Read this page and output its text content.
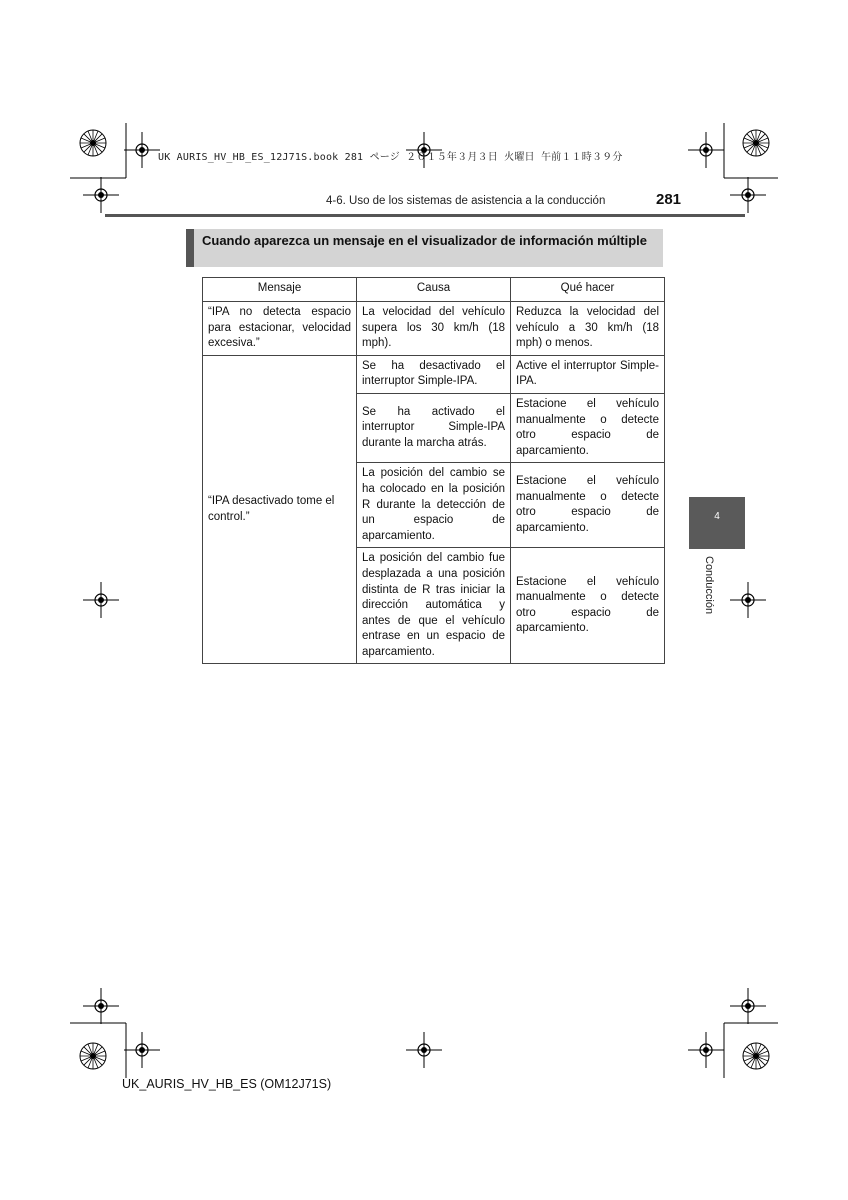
UK AURIS_HV_HB_ES_12J71S.book 281 ページ ２０１５年３月３日 火曜日 午前１１時３９分
4-6. Uso de los sistemas de asistencia a la conducción	281
Cuando aparezca un mensaje en el visualizador de información múltiple
Mensaje	Causa	Qué hacer
“IPA no detecta espacio para estacionar, velocidad excesiva.”	La velocidad del vehículo supera los 30 km/h (18 mph).	Reduzca la velocidad del vehículo a 30 km/h (18 mph) o menos.
“IPA desactivado tome el control.”	Se ha desactivado el interruptor Simple-IPA.	Active el interruptor Simple-IPA.
	Se ha activado el interruptor Simple-IPA durante la marcha atrás.	Estacione el vehículo manualmente o detecte otro espacio de aparcamiento.
	La posición del cambio se ha colocado en la posición R durante la detección de un espacio de aparcamiento.	Estacione el vehículo manualmente o detecte otro espacio de aparcamiento.
	La posición del cambio fue desplazada a una posición distinta de R tras iniciar la dirección automática y antes de que el vehículo entrase en un espacio de aparcamiento.	Estacione el vehículo manualmente o detecte otro espacio de aparcamiento.
4
Conducción
UK_AURIS_HV_HB_ES (OM12J71S)
